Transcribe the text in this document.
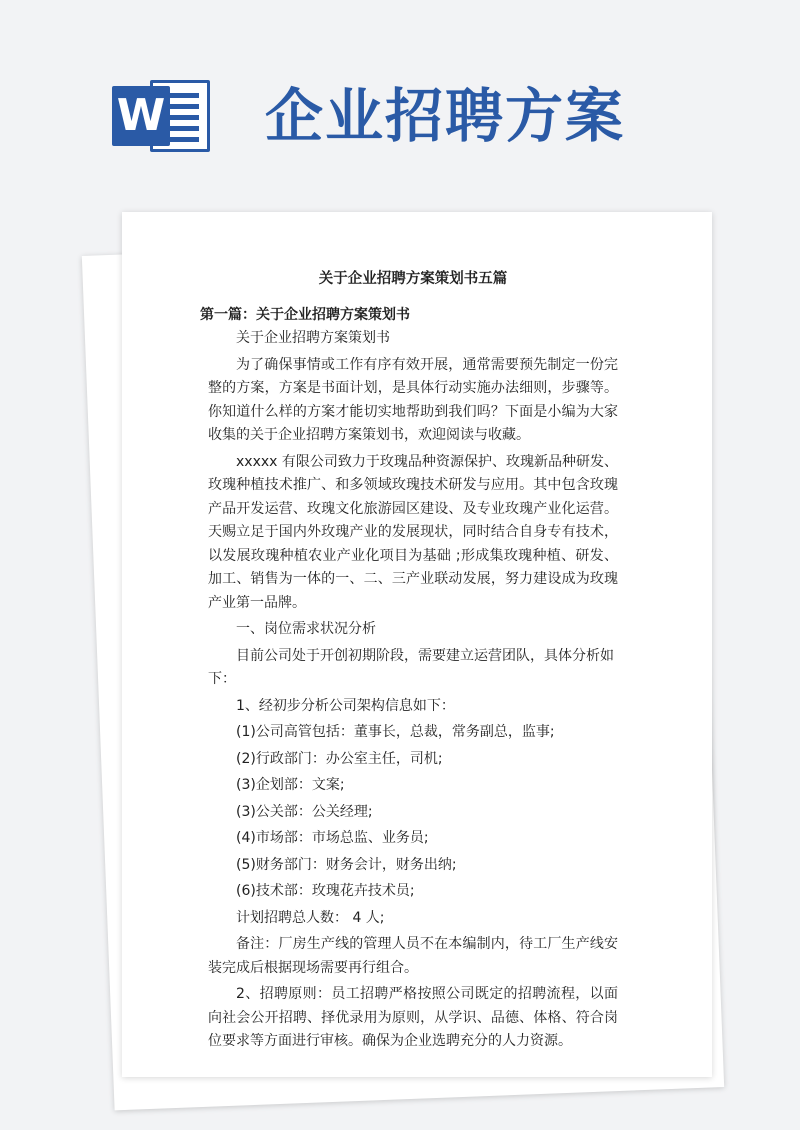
W 企业招聘方案
关于企业招聘方案策划书五篇
第一篇：关于企业招聘方案策划书
关于企业招聘方案策划书
为了确保事情或工作有序有效开展，通常需要预先制定一份完整的方案，方案是书面计划，是具体行动实施办法细则，步骤等。你知道什么样的方案才能切实地帮助到我们吗？下面是小编为大家收集的关于企业招聘方案策划书，欢迎阅读与收藏。
xxxxx 有限公司致力于玫瑰品种资源保护、玫瑰新品种研发、玫瑰种植技术推广、和多领域玫瑰技术研发与应用。其中包含玫瑰产品开发运营、玫瑰文化旅游园区建设、及专业玫瑰产业化运营。天赐立足于国内外玫瑰产业的发展现状，同时结合自身专有技术，以发展玫瑰种植农业产业化项目为基础 ;形成集玫瑰种植、研发、加工、销售为一体的一、二、三产业联动发展，努力建设成为玫瑰产业第一品牌。
一、岗位需求状况分析
目前公司处于开创初期阶段，需要建立运营团队，具体分析如下：
1、经初步分析公司架构信息如下：
(1)公司高管包括：董事长，总裁，常务副总，监事;
(2)行政部门：办公室主任，司机;
(3)企划部：文案;
(3)公关部：公关经理;
(4)市场部：市场总监、业务员;
(5)财务部门：财务会计，财务出纳;
(6)技术部：玫瑰花卉技术员;
计划招聘总人数： 4 人;
备注：厂房生产线的管理人员不在本编制内，待工厂生产线安装完成后根据现场需要再行组合。
2、招聘原则：员工招聘严格按照公司既定的招聘流程，以面向社会公开招聘、择优录用为原则，从学识、品德、体格、符合岗位要求等方面进行审核。确保为企业选聘充分的人力资源。
